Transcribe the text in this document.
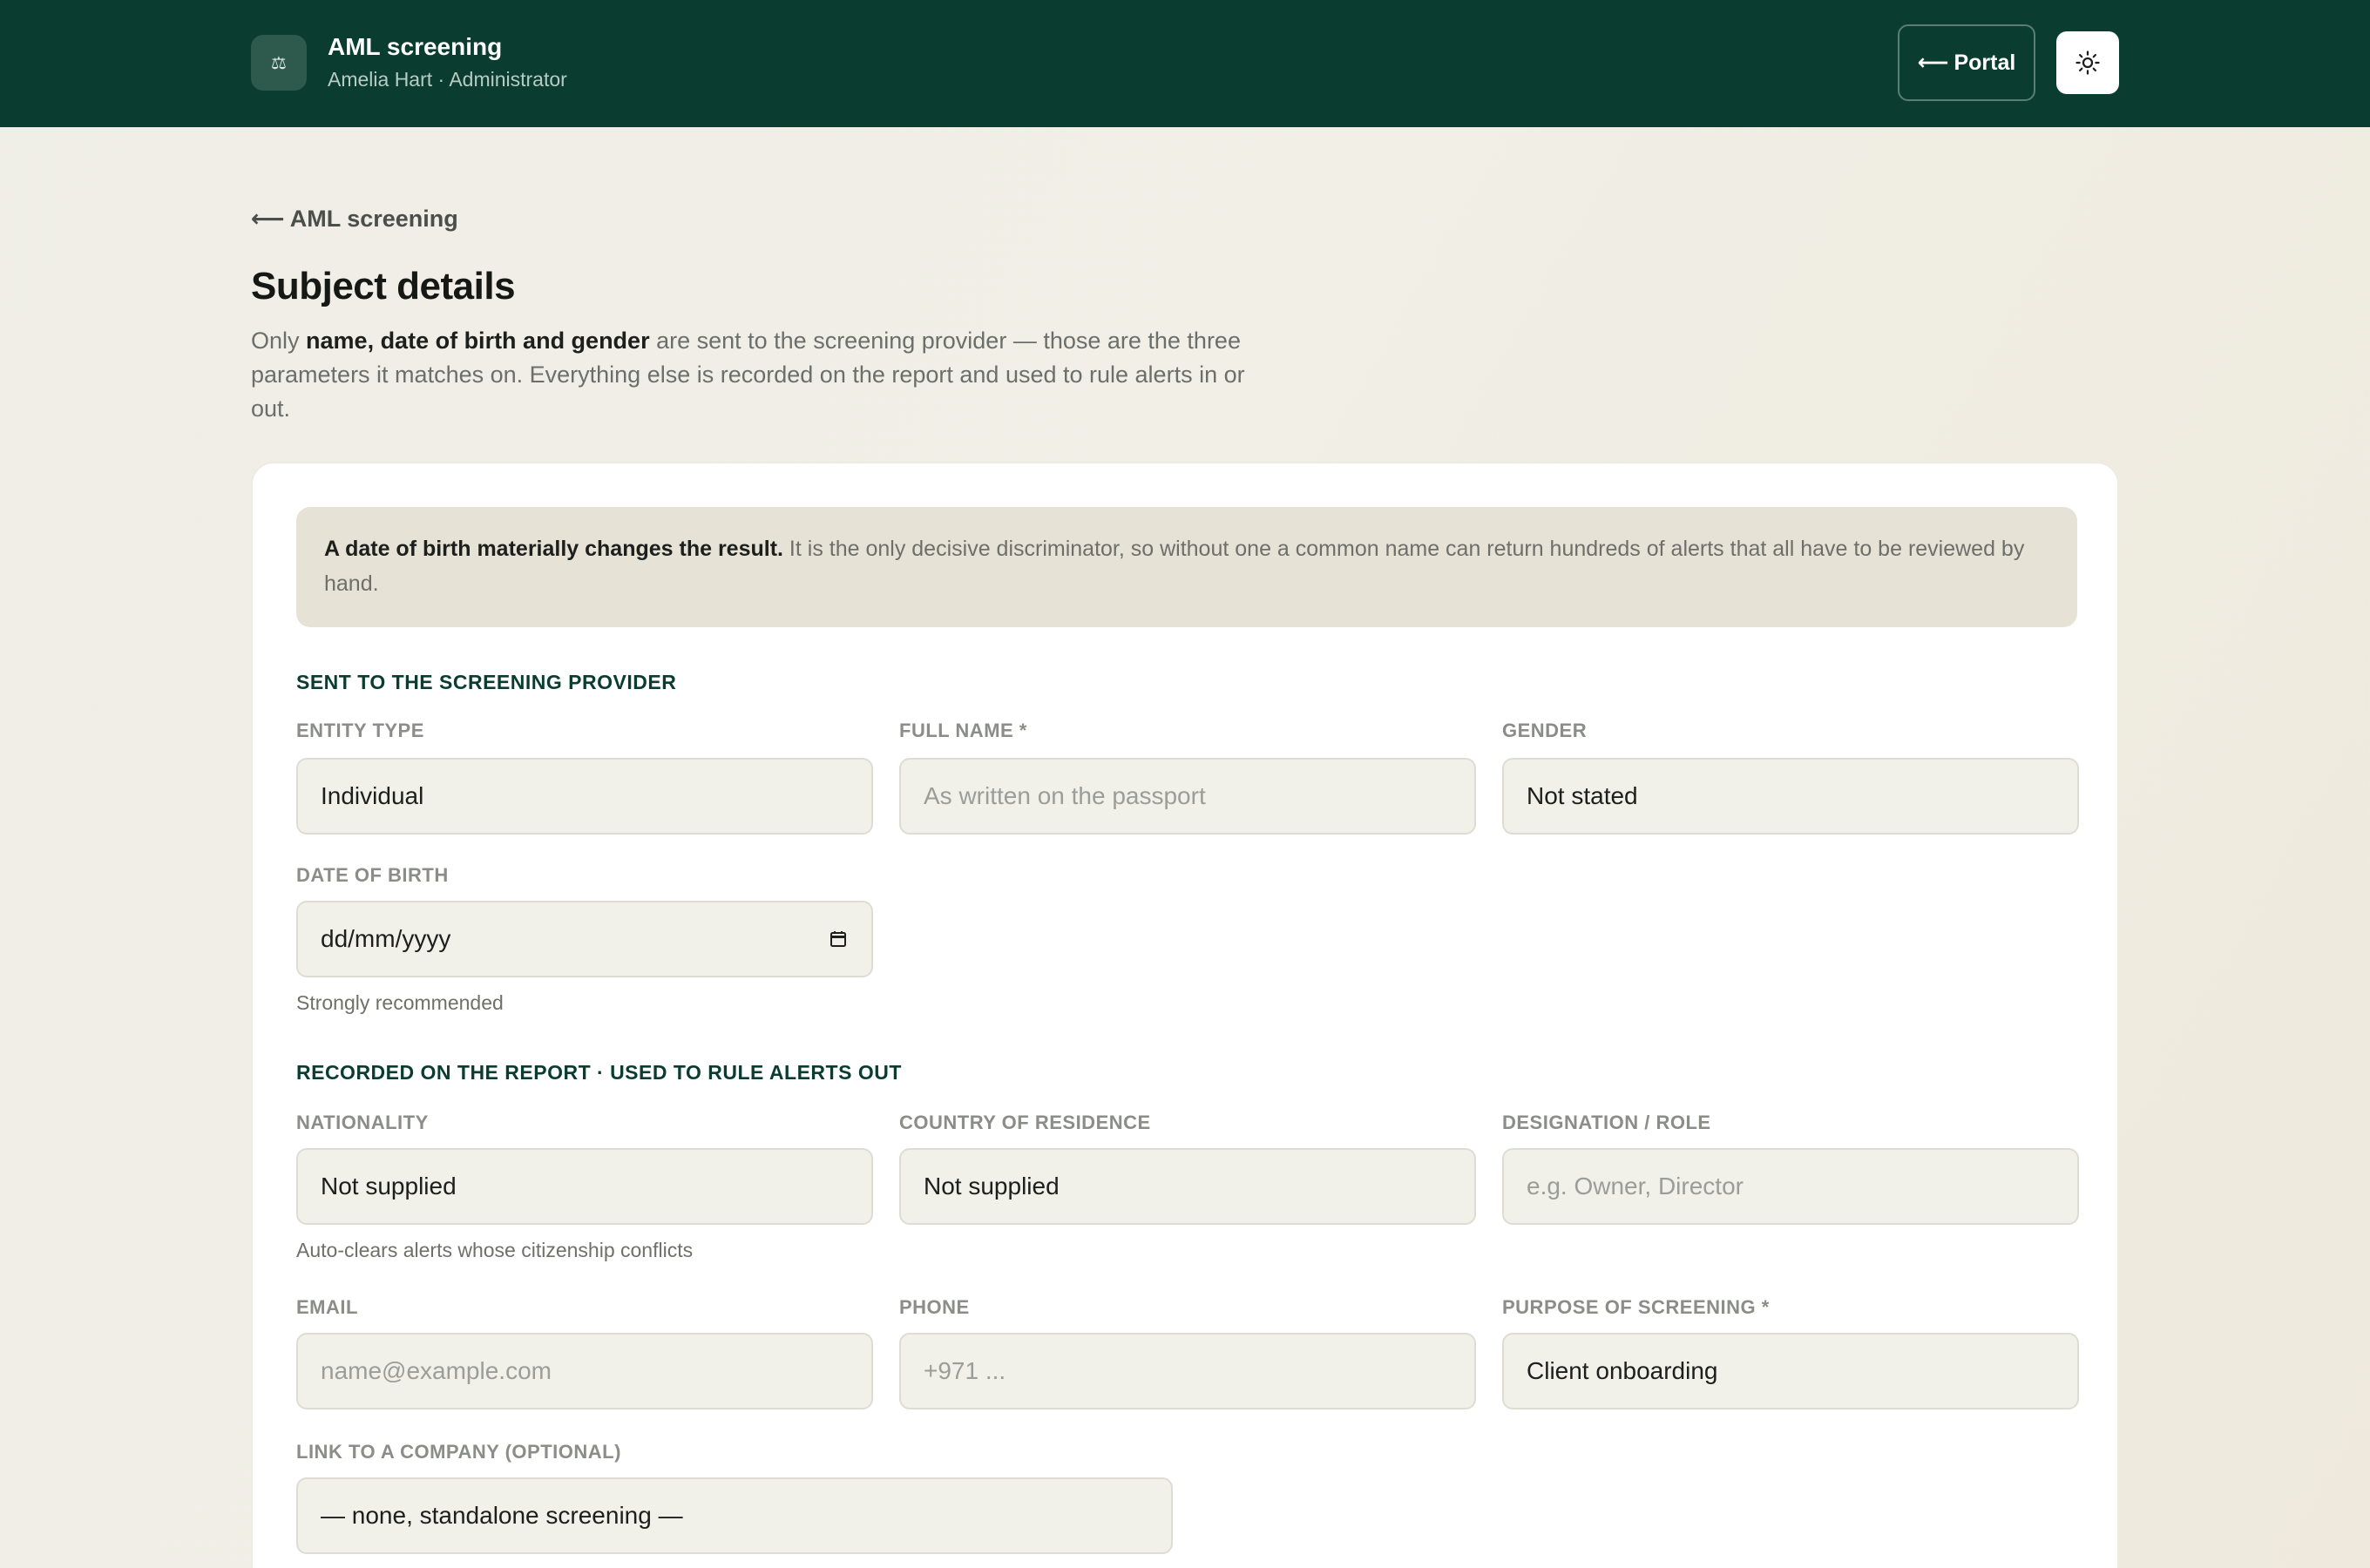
⚖
AML screening
Amelia Hart · Administrator
⟵ Portal
⟵ AML screening
Subject details
Only name, date of birth and gender are sent to the screening provider — those are the three parameters it matches on. Everything else is recorded on the report and used to rule alerts in or out.
A date of birth materially changes the result. It is the only decisive discriminator, so without one a common name can return hundreds of alerts that all have to be reviewed by hand.
SENT TO THE SCREENING PROVIDER
ENTITY TYPE
Individual
FULL NAME *
As written on the passport
GENDER
Not stated
DATE OF BIRTH
dd/mm/yyyy
Strongly recommended
RECORDED ON THE REPORT · USED TO RULE ALERTS OUT
NATIONALITY
Not supplied
Auto-clears alerts whose citizenship conflicts
COUNTRY OF RESIDENCE
Not supplied
DESIGNATION / ROLE
e.g. Owner, Director
EMAIL
name@example.com
PHONE
+971 ...
PURPOSE OF SCREENING *
Client onboarding
LINK TO A COMPANY (OPTIONAL)
— none, standalone screening —
